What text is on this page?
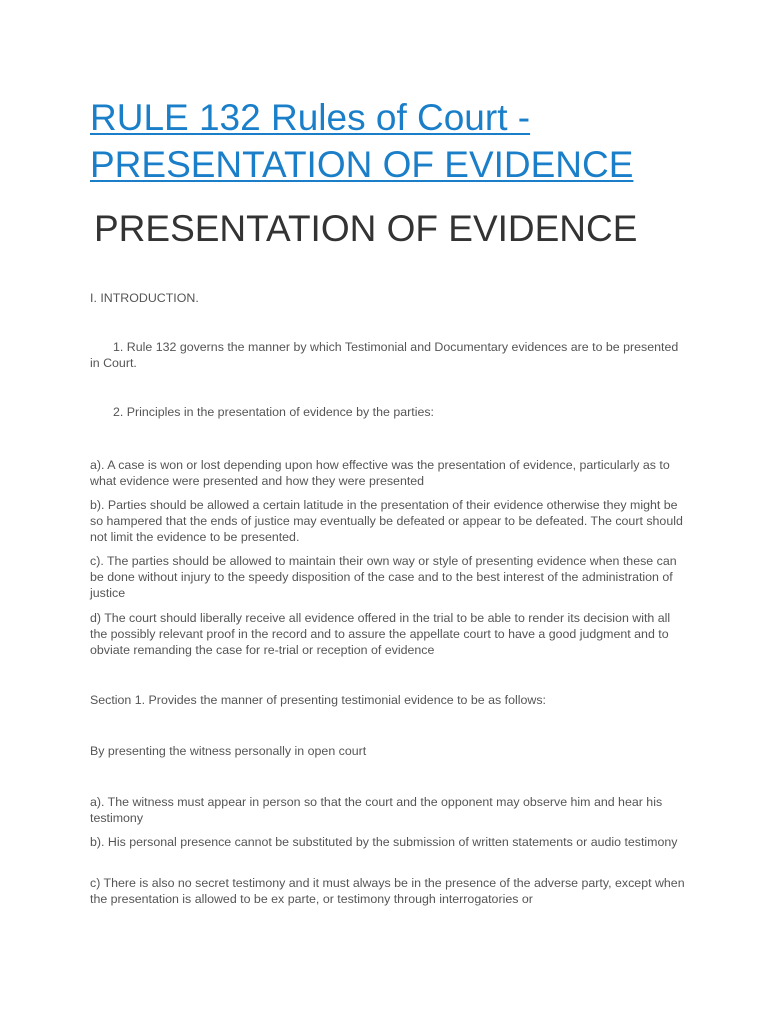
RULE 132 Rules of Court -
PRESENTATION OF EVIDENCE
PRESENTATION OF EVIDENCE

I. INTRODUCTION.

1. Rule 132 governs the manner by which Testimonial and Documentary evidences are to be presented in Court.

2. Principles in the presentation of evidence by the parties:

a). A case is won or lost depending upon how effective was the presentation of evidence, particularly as to what evidence were presented and how they were presented

b). Parties should be allowed a certain latitude in the presentation of their evidence otherwise they might be so hampered that the ends of justice may eventually be defeated or appear to be defeated. The court should not limit the evidence to be presented.

c). The parties should be allowed to maintain their own way or style of presenting evidence when these can be done without injury to the speedy disposition of the case and to the best interest of the administration of justice

d) The court should liberally receive all evidence offered in the trial to be able to render its decision with all the possibly relevant proof in the record and to assure the appellate court to have a good judgment and to obviate remanding the case for re-trial or reception of evidence

Section 1. Provides the manner of presenting testimonial evidence to be as follows:

By presenting the witness personally in open court

a). The witness must appear in person so that the court and the opponent may observe him and hear his testimony

b). His personal presence cannot be substituted by the submission of written statements or audio testimony

c) There is also no secret testimony and it must always be in the presence of the adverse party, except when the presentation is allowed to be ex parte, or testimony through interrogatories or
